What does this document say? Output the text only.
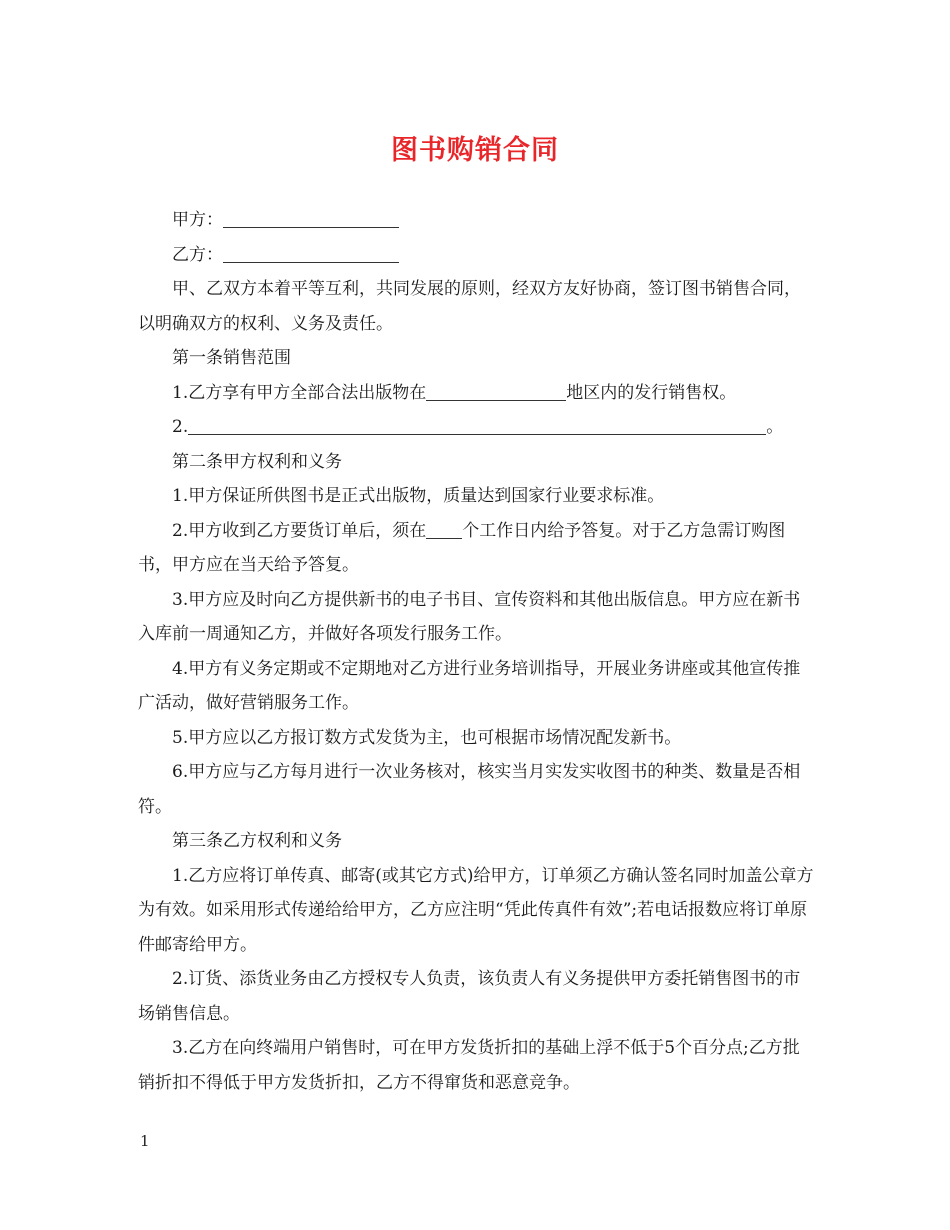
图书购销合同

甲方：

乙方：

甲、乙双方本着平等互利，共同发展的原则，经双方友好协商，签订图书销售合同，以明确双方的权利、义务及责任。

第一条销售范围

1.乙方享有甲方全部合法出版物在	地区内的发行销售权。

2.	。

第二条甲方权利和义务

1.甲方保证所供图书是正式出版物，质量达到国家行业要求标准。

2.甲方收到乙方要货订单后，须在 个工作日内给予答复。对于乙方急需订购图书，甲方应在当天给予答复。

3.甲方应及时向乙方提供新书的电子书目、宣传资料和其他出版信息。甲方应在新书入库前一周通知乙方，并做好各项发行服务工作。

4.甲方有义务定期或不定期地对乙方进行业务培训指导，开展业务讲座或其他宣传推广活动，做好营销服务工作。

5.甲方应以乙方报订数方式发货为主，也可根据市场情况配发新书。

6.甲方应与乙方每月进行一次业务核对，核实当月实发实收图书的种类、数量是否相符。

第三条乙方权利和义务

1.乙方应将订单传真、邮寄(或其它方式)给甲方，订单须乙方确认签名同时加盖公章方为有效。如采用形式传递给给甲方，乙方应注明“凭此传真件有效”;若电话报数应将订单原件邮寄给甲方。

2.订货、添货业务由乙方授权专人负责，该负责人有义务提供甲方委托销售图书的市场销售信息。

3.乙方在向终端用户销售时，可在甲方发货折扣的基础上浮不低于5个百分点;乙方批销折扣不得低于甲方发货折扣，乙方不得窜货和恶意竞争。

1
